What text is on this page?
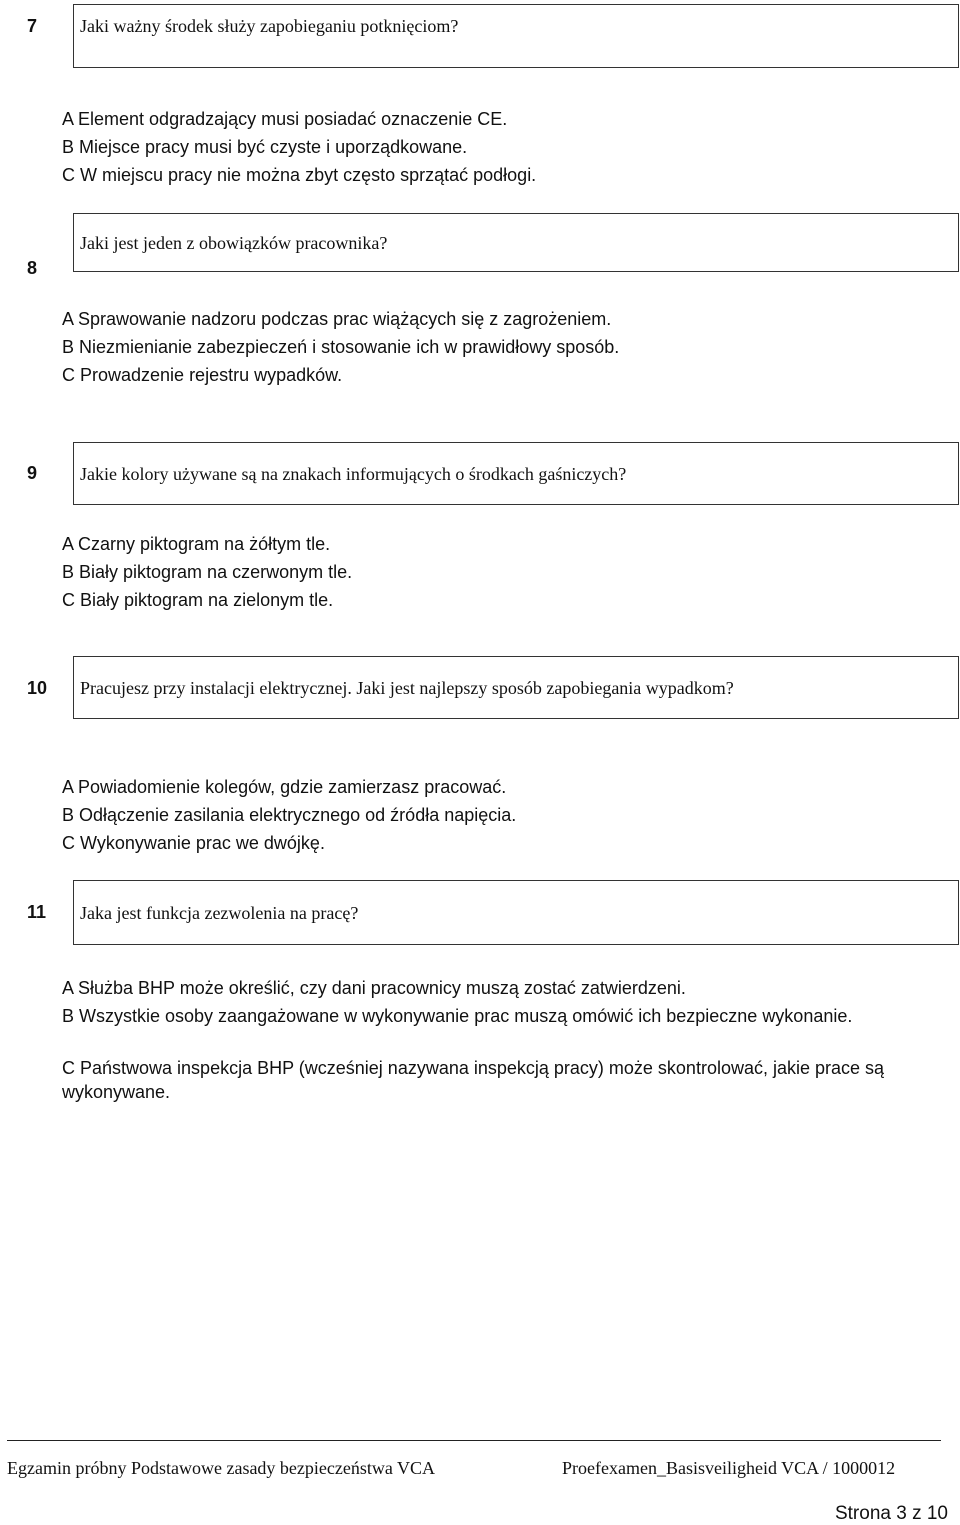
7 Jaki ważny środek służy zapobieganiu potknięciom?
A Element odgradzający musi posiadać oznaczenie CE.
B Miejsce pracy musi być czyste i uporządkowane.
C W miejscu pracy nie można zbyt często sprzątać podłogi.
8
Jaki jest jeden z obowiązków pracownika?
A Sprawowanie nadzoru podczas prac wiążących się z zagrożeniem.
B Niezmienianie zabezpieczeń i stosowanie ich w prawidłowy sposób.
C Prowadzenie rejestru wypadków.
9 Jakie kolory używane są na znakach informujących o środkach gaśniczych?
A Czarny piktogram na żółtym tle.
B Biały piktogram na czerwonym tle.
C Biały piktogram na zielonym tle.
10 Pracujesz przy instalacji elektrycznej. Jaki jest najlepszy sposób zapobiegania wypadkom?
A Powiadomienie kolegów, gdzie zamierzasz pracować.
B Odłączenie zasilania elektrycznego od źródła napięcia.
C Wykonywanie prac we dwójkę.
11 Jaka jest funkcja zezwolenia na pracę?
A Służba BHP może określić, czy dani pracownicy muszą zostać zatwierdzeni.
B Wszystkie osoby zaangażowane w wykonywanie prac muszą omówić ich bezpieczne wykonanie.
C Państwowa inspekcja BHP (wcześniej nazywana inspekcją pracy) może skontrolować, jakie prace są wykonywane.
Egzamin próbny Podstawowe zasady bezpieczeństwa VCA	Proefexamen_Basisveiligheid VCA / 1000012
Strona 3 z 10
